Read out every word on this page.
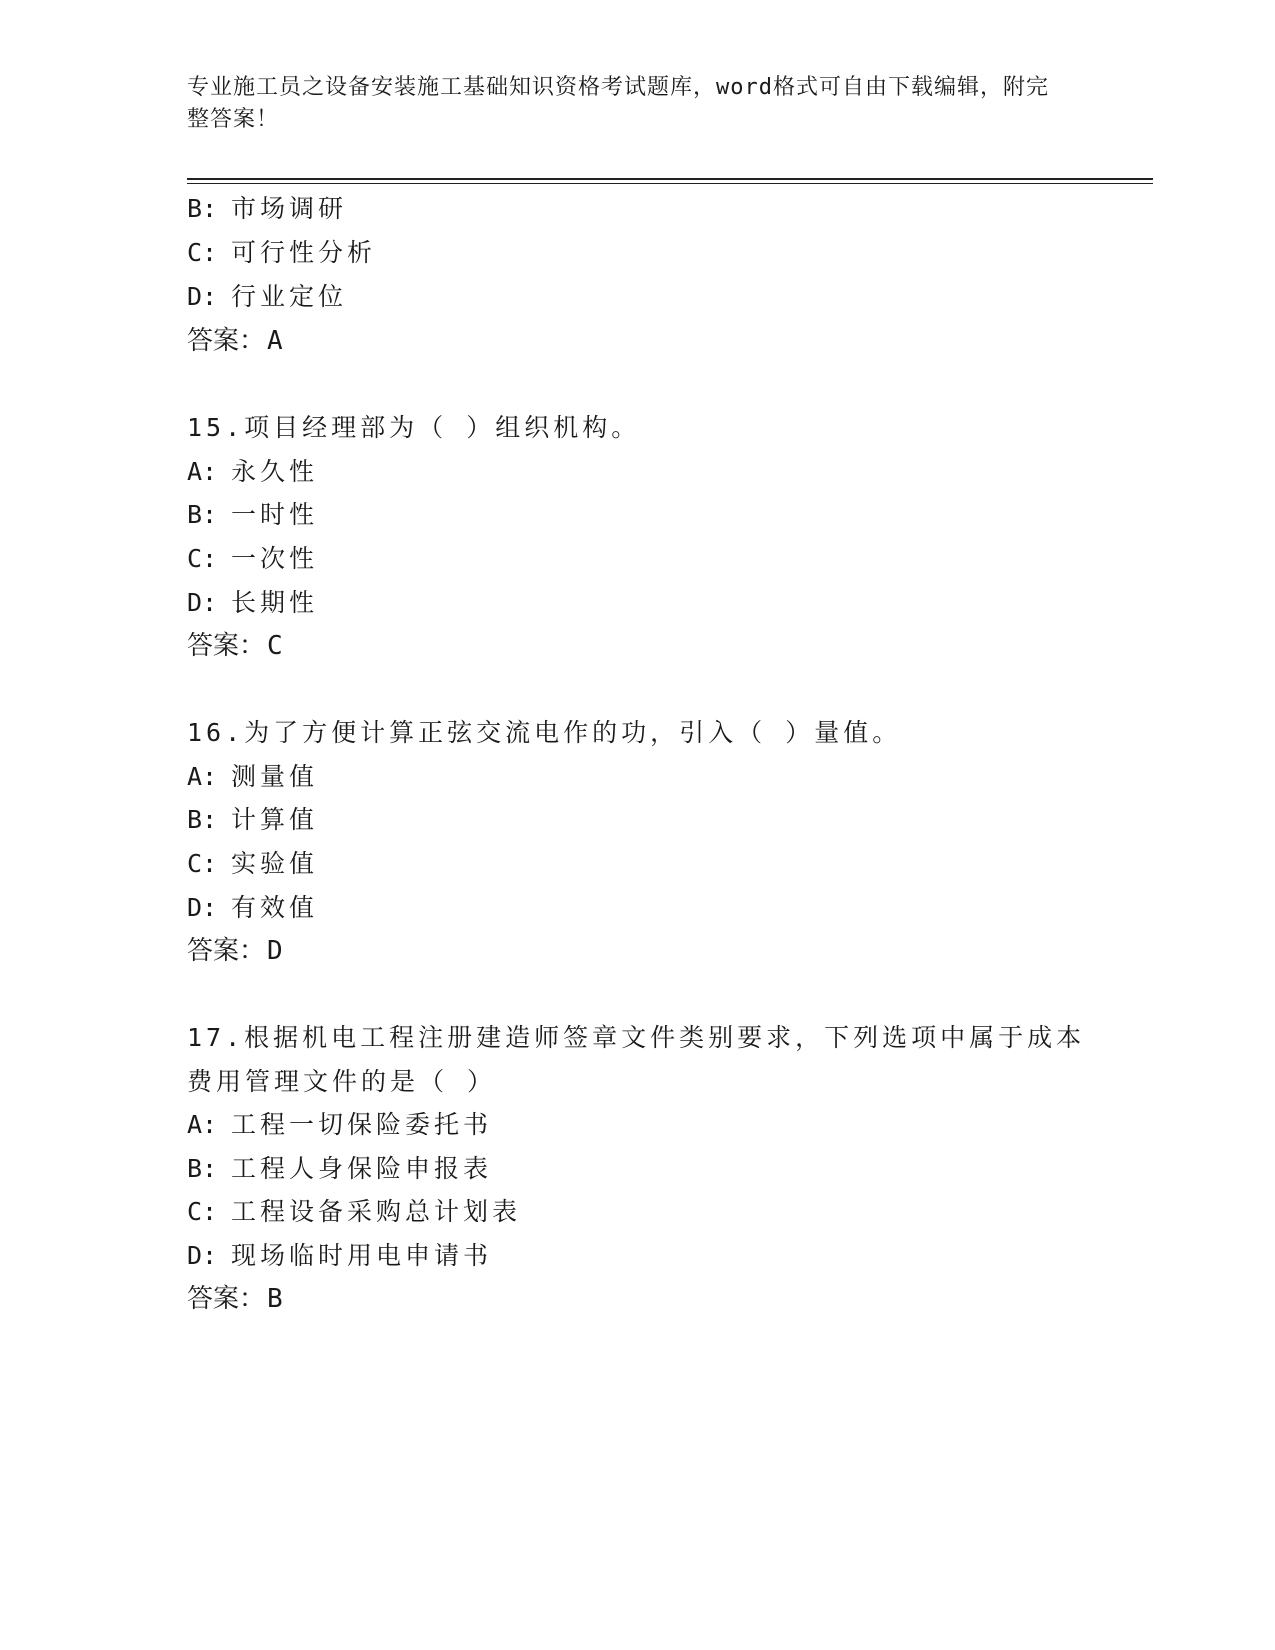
专业施工员之设备安装施工基础知识资格考试题库，word格式可自由下载编辑，附完整答案！
B: 市场调研
C: 可行性分析
D: 行业定位
答案：A
15.项目经理部为（ ）组织机构。
A: 永久性
B: 一时性
C: 一次性
D: 长期性
答案：C
16.为了方便计算正弦交流电作的功，引入（ ）量值。
A: 测量值
B: 计算值
C: 实验值
D: 有效值
答案：D
17.根据机电工程注册建造师签章文件类别要求，下列选项中属于成本
费用管理文件的是（ ）
A: 工程一切保险委托书
B: 工程人身保险申报表
C: 工程设备采购总计划表
D: 现场临时用电申请书
答案：B
